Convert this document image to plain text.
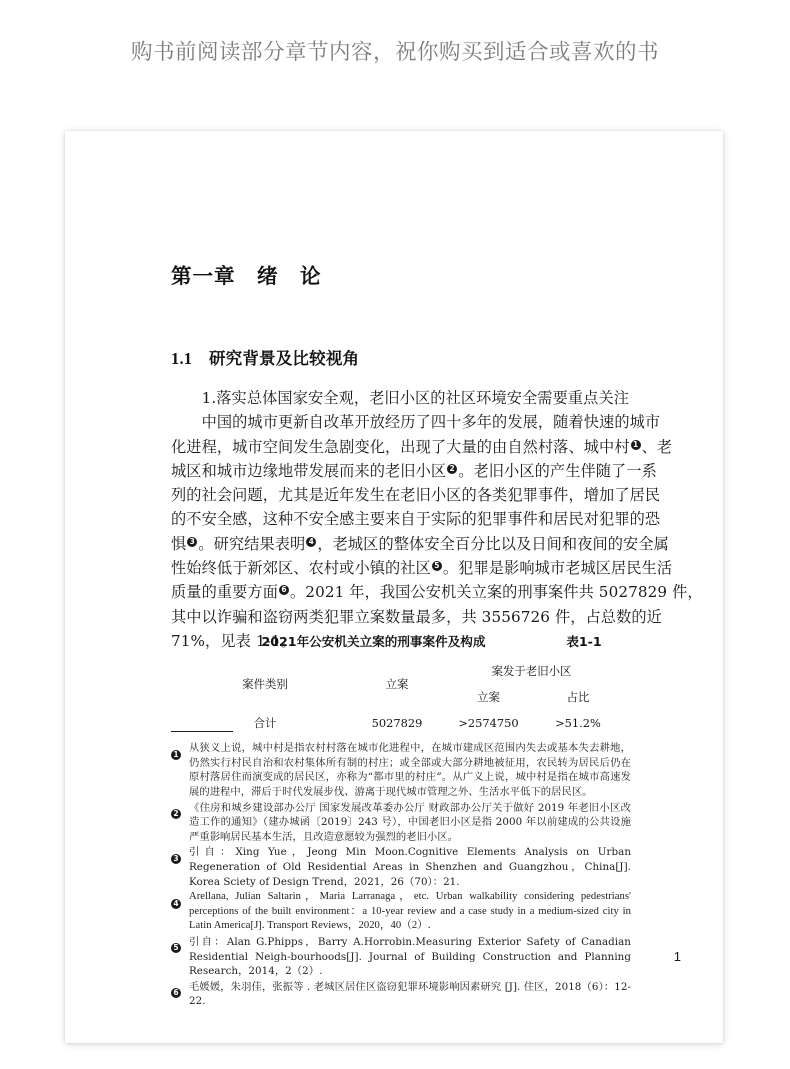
购书前阅读部分章节内容，祝你购买到适合或喜欢的书
第一章　绪　论
1.1　 研究背景及比较视角
　　1.落实总体国家安全观，老旧小区的社区环境安全需要重点关注
　　中国的城市更新自改革开放经历了四十多年的发展，随着快速的城市
化进程，城市空间发生急剧变化，出现了大量的由自然村落、城中村 1 、老
城区和城市边缘地带发展而来的老旧小区 2 。老旧小区的产生伴随了一系
列的社会问题，尤其是近年发生在老旧小区的各类犯罪事件，增加了居民
的不安全感，这种不安全感主要来自于实际的犯罪事件和居民对犯罪的恐
惧 3 。研究结果表明 4 ，老城区的整体安全百分比以及日间和夜间的安全属
性始终低于新郊区、农村或小镇的社区 5 。犯罪是影响城市老城区居民生活
质量的重要方面 6 。2021 年，我国公安机关立案的刑事案件共 5027829 件，
其中以诈骗和盗窃两类犯罪立案数量最多，共 3556726 件，占总数的近
71%，见表 1-1。
2021年公安机关立案的刑事案件及构成	表1-1
案件类别	立案	案发于老旧小区	
		立案	占比
合计	5027829	>2574750	>51.2%
1	从狭义上说，城中村是指农村村落在城市化进程中，在城市建成区范围内失去或基本失去耕地，仍然实行村民自治和农村集体所有制的村庄；或全部或大部分耕地被征用，农民转为居民后仍在原村落居住而演变成的居民区，亦称为“都市里的村庄”。从广义上说，城中村是指在城市高速发展的进程中，滞后于时代发展步伐、游离于现代城市管理之外、生活水平低下的居民区。
2	《住房和城乡建设部办公厅 国家发展改革委办公厅 财政部办公厅关于做好 2019 年老旧小区改造工作的通知》（建办城函〔2019〕243 号），中国老旧小区是指 2000 年以前建成的公共设施严重影响居民基本生活，且改造意愿较为强烈的老旧小区。
3	引自：Xing Yue，Jeong Min Moon.Cognitive Elements Analysis on Urban Regeneration of Old Residential Areas in Shenzhen and Guangzhou，China[J]. Korea Sciety of Design Trend，2021，26（70）：21.
4
Arellana, Julian Saltarin，Maria Larranaga，etc. Urban walkability considering pedestrians' perceptions of the built environment：a 10-year review and a case study in a medium-sized city in Latin America[J]. Transport Reviews，2020，40（2）.
5	引自：Alan G.Phipps，Barry A.Horrobin.Measuring Exterior Safety of Canadian Residential Neigh-bourhoods[J]. Journal of Building Construction and Planning Research，2014，2（2）.
6	毛媛媛，朱羽佳，张振等 . 老城区居住区盗窃犯罪环境影响因素研究 [J]. 住区，2018（6）：12-22.
1
